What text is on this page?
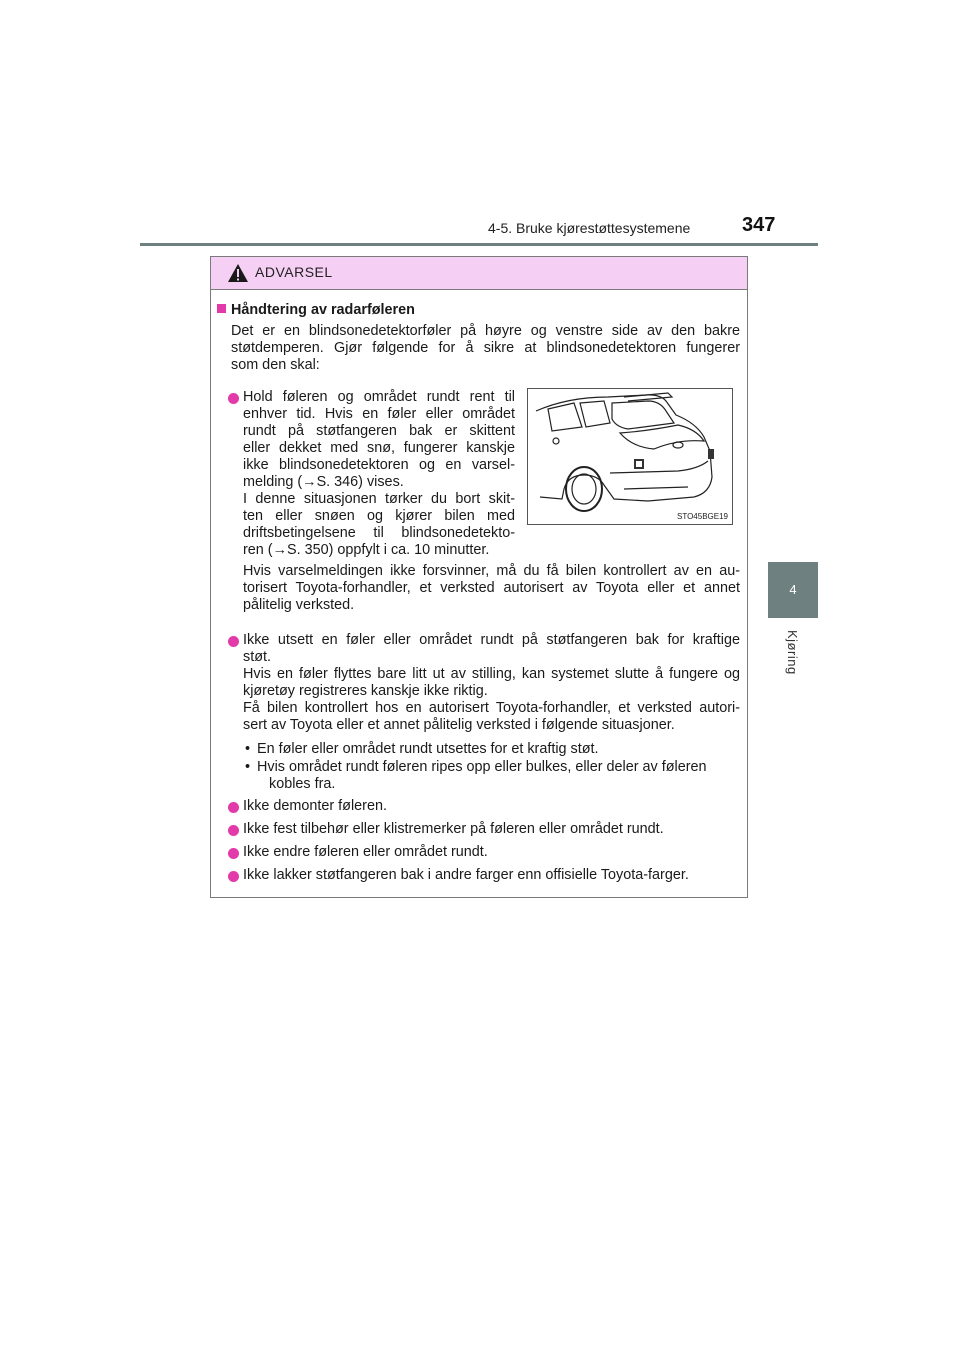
4-5. Bruke kjørestøttesystemene	347
4
Kjøring
ADVARSEL
Håndtering av radarføleren
Det er en blindsonedetektorføler på høyre og venstre side av den bakre
støtdemperen. Gjør følgende for å sikre at blindsonedetektoren fungerer
som den skal:
Hold føleren og området rundt rent til
enhver tid. Hvis en føler eller området
rundt på støtfangeren bak er skittent
eller dekket med snø, fungerer kanskje
ikke blindsonedetektoren og en varsel-
melding (→S. 346) vises.
I denne situasjonen tørker du bort skit-
ten eller snøen og kjører bilen med
driftsbetingelsene til blindsonedetekto-
ren (→S. 350) oppfylt i ca. 10 minutter.
STO45BGE19
Hvis varselmeldingen ikke forsvinner, må du få bilen kontrollert av en au-
torisert Toyota-forhandler, et verksted autorisert av Toyota eller et annet
pålitelig verksted.
Ikke utsett en føler eller området rundt på støtfangeren bak for kraftige
støt.
Hvis en føler flyttes bare litt ut av stilling, kan systemet slutte å fungere og
kjøretøy registreres kanskje ikke riktig.
Få bilen kontrollert hos en autorisert Toyota-forhandler, et verksted autori-
sert av Toyota eller et annet pålitelig verksted i følgende situasjoner.
• En føler eller området rundt utsettes for et kraftig støt.
• Hvis området rundt føleren ripes opp eller bulkes, eller deler av føleren
kobles fra.
Ikke demonter føleren.
Ikke fest tilbehør eller klistremerker på føleren eller området rundt.
Ikke endre føleren eller området rundt.
Ikke lakker støtfangeren bak i andre farger enn offisielle Toyota-farger.
